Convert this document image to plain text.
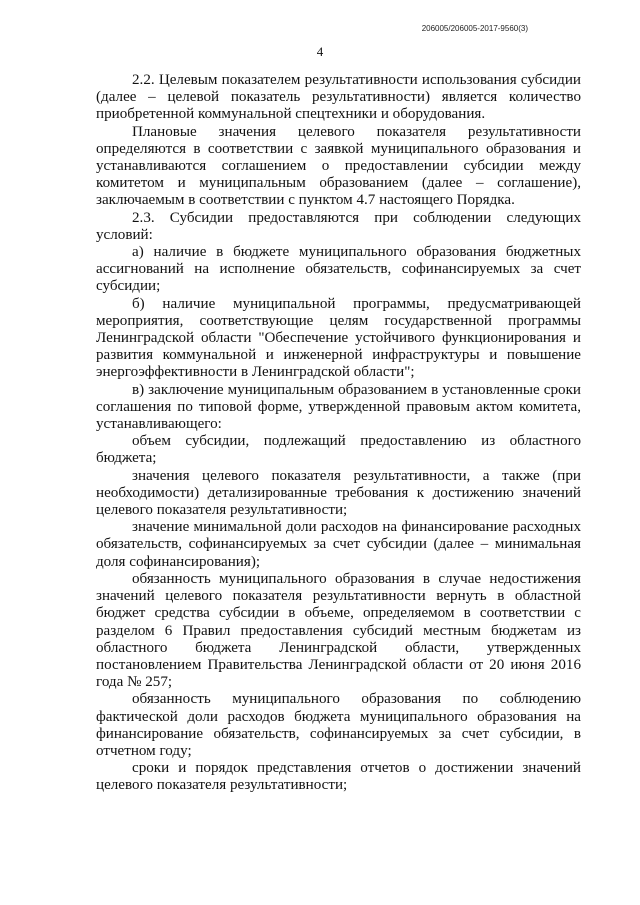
206005/206005-2017-9560(3)
4

2.2. Целевым показателем результативности использования субсидии (далее – целевой показатель результативности) является количество приобретенной коммунальной спецтехники и оборудования.

Плановые значения целевого показателя результативности определяются в соответствии с заявкой муниципального образования и устанавливаются соглашением о предоставлении субсидии между комитетом и муниципальным образованием (далее – соглашение), заключаемым в соответствии с пунктом 4.7 настоящего Порядка.

2.3. Субсидии предоставляются при соблюдении следующих условий:

а) наличие в бюджете муниципального образования бюджетных ассигнований на исполнение обязательств, софинансируемых за счет субсидии;

б) наличие муниципальной программы, предусматривающей мероприятия, соответствующие целям государственной программы Ленинградской области "Обеспечение устойчивого функционирования и развития коммунальной и инженерной инфраструктуры и повышение энергоэффективности в Ленинградской области";

в) заключение муниципальным образованием в установленные сроки соглашения по типовой форме, утвержденной правовым актом комитета, устанавливающего:

объем субсидии, подлежащий предоставлению из областного бюджета;

значения целевого показателя результативности, а также (при необходимости) детализированные требования к достижению значений целевого показателя результативности;

значение минимальной доли расходов на финансирование расходных обязательств, софинансируемых за счет субсидии (далее – минимальная доля софинансирования);

обязанность муниципального образования в случае недостижения значений целевого показателя результативности вернуть в областной бюджет средства субсидии в объеме, определяемом в соответствии с разделом 6 Правил предоставления субсидий местным бюджетам из областного бюджета Ленинградской области, утвержденных постановлением Правительства Ленинградской области от 20 июня 2016 года № 257;

обязанность муниципального образования по соблюдению фактической доли расходов бюджета муниципального образования на финансирование обязательств, софинансируемых за счет субсидии, в отчетном году;

сроки и порядок представления отчетов о достижении значений целевого показателя результативности;
